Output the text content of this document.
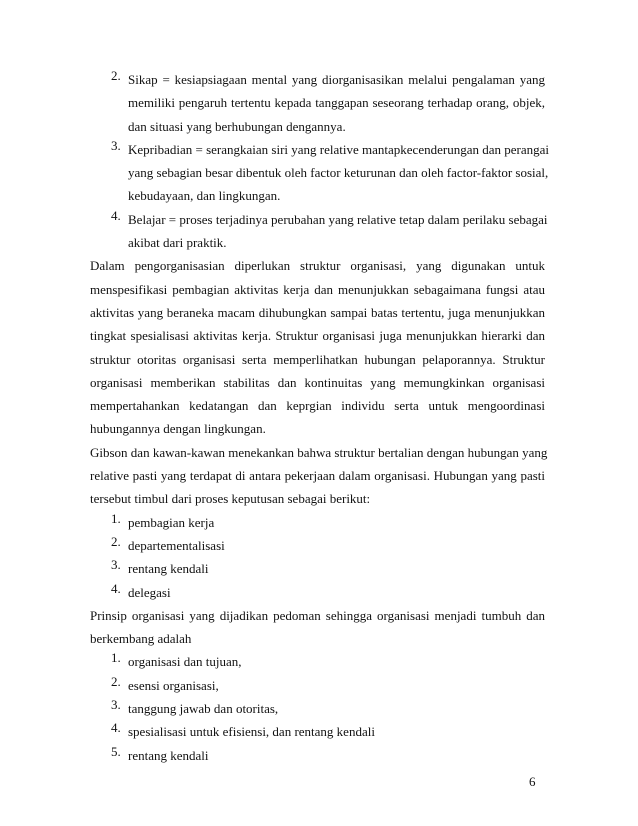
2. Sikap = kesiapsiagaan mental yang diorganisasikan melalui pengalaman yang
memiliki pengaruh tertentu kepada tanggapan seseorang terhadap orang, objek,
dan situasi yang berhubungan dengannya.
3. Kepribadian = serangkaian siri yang relative mantapkecenderungan dan perangai
yang sebagian besar dibentuk oleh factor keturunan dan oleh factor-faktor sosial,
kebudayaan, dan lingkungan.
4. Belajar = proses terjadinya perubahan yang relative tetap dalam perilaku sebagai
akibat dari praktik.
Dalam pengorganisasian diperlukan struktur organisasi, yang digunakan untuk
menspesifikasi pembagian aktivitas kerja dan menunjukkan sebagaimana fungsi atau
aktivitas yang beraneka macam dihubungkan sampai batas tertentu, juga menunjukkan
tingkat spesialisasi aktivitas kerja. Struktur organisasi juga menunjukkan hierarki dan
struktur otoritas organisasi serta memperlihatkan hubungan pelaporannya. Struktur
organisasi memberikan stabilitas dan kontinuitas yang memungkinkan organisasi
mempertahankan kedatangan dan keprgian individu serta untuk mengoordinasi
hubungannya dengan lingkungan.
Gibson dan kawan-kawan menekankan bahwa struktur bertalian dengan hubungan yang
relative pasti yang terdapat di antara pekerjaan dalam organisasi. Hubungan yang pasti
tersebut timbul dari proses keputusan sebagai berikut:
1. pembagian kerja
2. departementalisasi
3. rentang kendali
4. delegasi
Prinsip organisasi yang dijadikan pedoman sehingga organisasi menjadi tumbuh dan
berkembang adalah
1. organisasi dan tujuan,
2. esensi organisasi,
3. tanggung jawab dan otoritas,
4. spesialisasi untuk efisiensi, dan rentang kendali
5. rentang kendali
6
